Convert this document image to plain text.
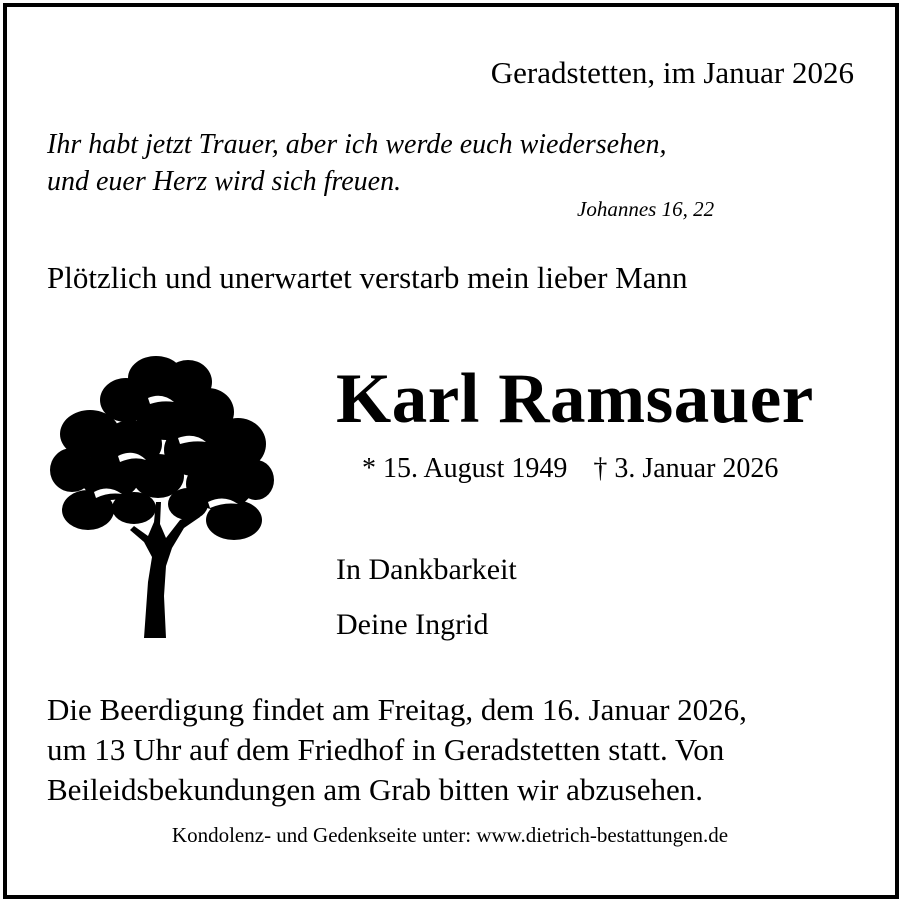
Geradstetten, im Januar 2026

Ihr habt jetzt Trauer, aber ich werde euch wiedersehen,
und euer Herz wird sich freuen.

Johannes 16, 22

Plötzlich und unerwartet verstarb mein lieber Mann

Karl Ramsauer

* 15. August 1949 † 3. Januar 2026

In Dankbarkeit

Deine Ingrid

Die Beerdigung findet am Freitag, dem 16. Januar 2026,
um 13 Uhr auf dem Friedhof in Geradstetten statt. Von
Beileidsbekundungen am Grab bitten wir abzusehen.

Kondolenz- und Gedenkseite unter: www.dietrich-bestattungen.de
